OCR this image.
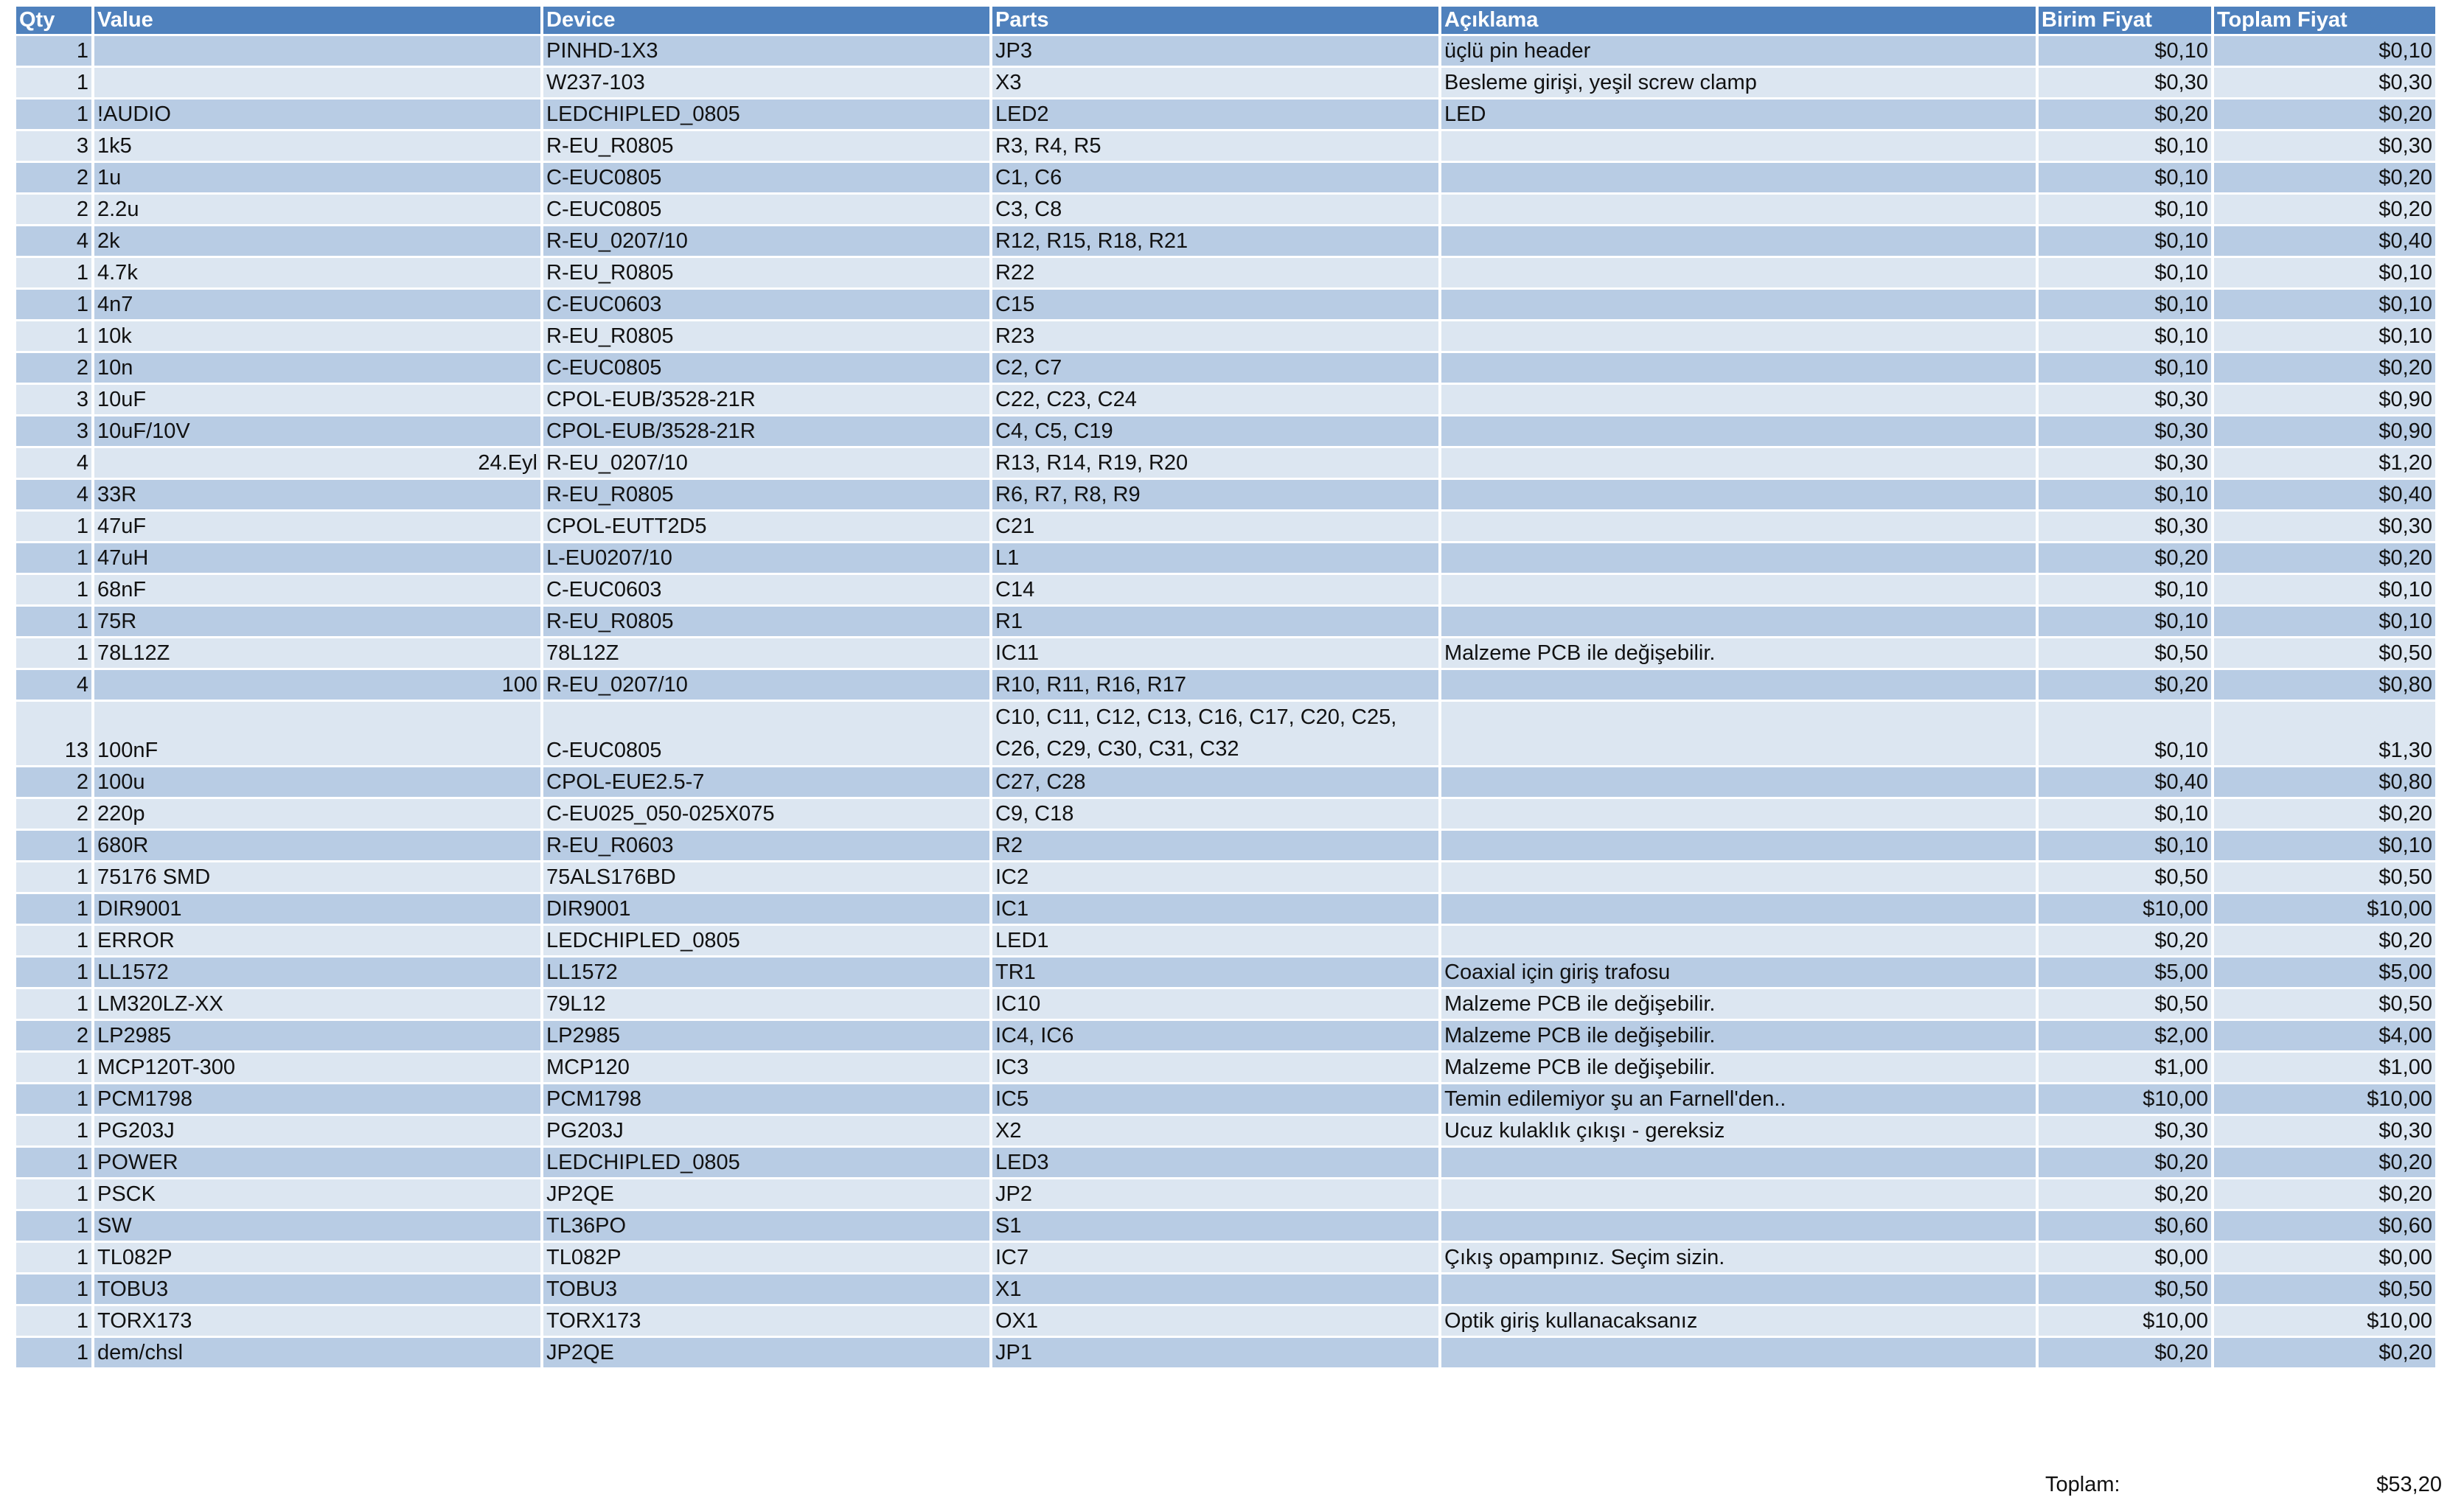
Qty	Value	Device	Parts	Açıklama	Birim Fiyat	Toplam Fiyat
1		PINHD-1X3	JP3	üçlü pin header	$0,10	$0,10
1		W237-103	X3	Besleme girişi, yeşil screw clamp	$0,30	$0,30
1	!AUDIO	LEDCHIPLED_0805	LED2	LED	$0,20	$0,20
3	1k5	R-EU_R0805	R3, R4, R5		$0,10	$0,30
2	1u	C-EUC0805	C1, C6		$0,10	$0,20
2	2.2u	C-EUC0805	C3, C8		$0,10	$0,20
4	2k	R-EU_0207/10	R12, R15, R18, R21		$0,10	$0,40
1	4.7k	R-EU_R0805	R22		$0,10	$0,10
1	4n7	C-EUC0603	C15		$0,10	$0,10
1	10k	R-EU_R0805	R23		$0,10	$0,10
2	10n	C-EUC0805	C2, C7		$0,10	$0,20
3	10uF	CPOL-EUB/3528-21R	C22, C23, C24		$0,30	$0,90
3	10uF/10V	CPOL-EUB/3528-21R	C4, C5, C19		$0,30	$0,90
4	24.Eyl	R-EU_0207/10	R13, R14, R19, R20		$0,30	$1,20
4	33R	R-EU_R0805	R6, R7, R8, R9		$0,10	$0,40
1	47uF	CPOL-EUTT2D5	C21		$0,30	$0,30
1	47uH	L-EU0207/10	L1		$0,20	$0,20
1	68nF	C-EUC0603	C14		$0,10	$0,10
1	75R	R-EU_R0805	R1		$0,10	$0,10
1	78L12Z	78L12Z	IC11	Malzeme PCB ile değişebilir.	$0,50	$0,50
4	100	R-EU_0207/10	R10, R11, R16, R17		$0,20	$0,80
13	100nF	C-EUC0805	C10, C11, C12, C13, C16, C17, C20, C25, C26, C29, C30, C31, C32		$0,10	$1,30
2	100u	CPOL-EUE2.5-7	C27, C28		$0,40	$0,80
2	220p	C-EU025_050-025X075	C9, C18		$0,10	$0,20
1	680R	R-EU_R0603	R2		$0,10	$0,10
1	75176 SMD	75ALS176BD	IC2		$0,50	$0,50
1	DIR9001	DIR9001	IC1		$10,00	$10,00
1	ERROR	LEDCHIPLED_0805	LED1		$0,20	$0,20
1	LL1572	LL1572	TR1	Coaxial için giriş trafosu	$5,00	$5,00
1	LM320LZ-XX	79L12	IC10	Malzeme PCB ile değişebilir.	$0,50	$0,50
2	LP2985	LP2985	IC4, IC6	Malzeme PCB ile değişebilir.	$2,00	$4,00
1	MCP120T-300	MCP120	IC3	Malzeme PCB ile değişebilir.	$1,00	$1,00
1	PCM1798	PCM1798	IC5	Temin edilemiyor şu an Farnell'den..	$10,00	$10,00
1	PG203J	PG203J	X2	Ucuz kulaklık çıkışı - gereksiz	$0,30	$0,30
1	POWER	LEDCHIPLED_0805	LED3		$0,20	$0,20
1	PSCK	JP2QE	JP2		$0,20	$0,20
1	SW	TL36PO	S1		$0,60	$0,60
1	TL082P	TL082P	IC7	Çıkış opampınız. Seçim sizin.	$0,00	$0,00
1	TOBU3	TOBU3	X1		$0,50	$0,50
1	TORX173	TORX173	OX1	Optik giriş kullanacaksanız	$10,00	$10,00
1	dem/chsl	JP2QE	JP1		$0,20	$0,20
Toplam:	$53,20
